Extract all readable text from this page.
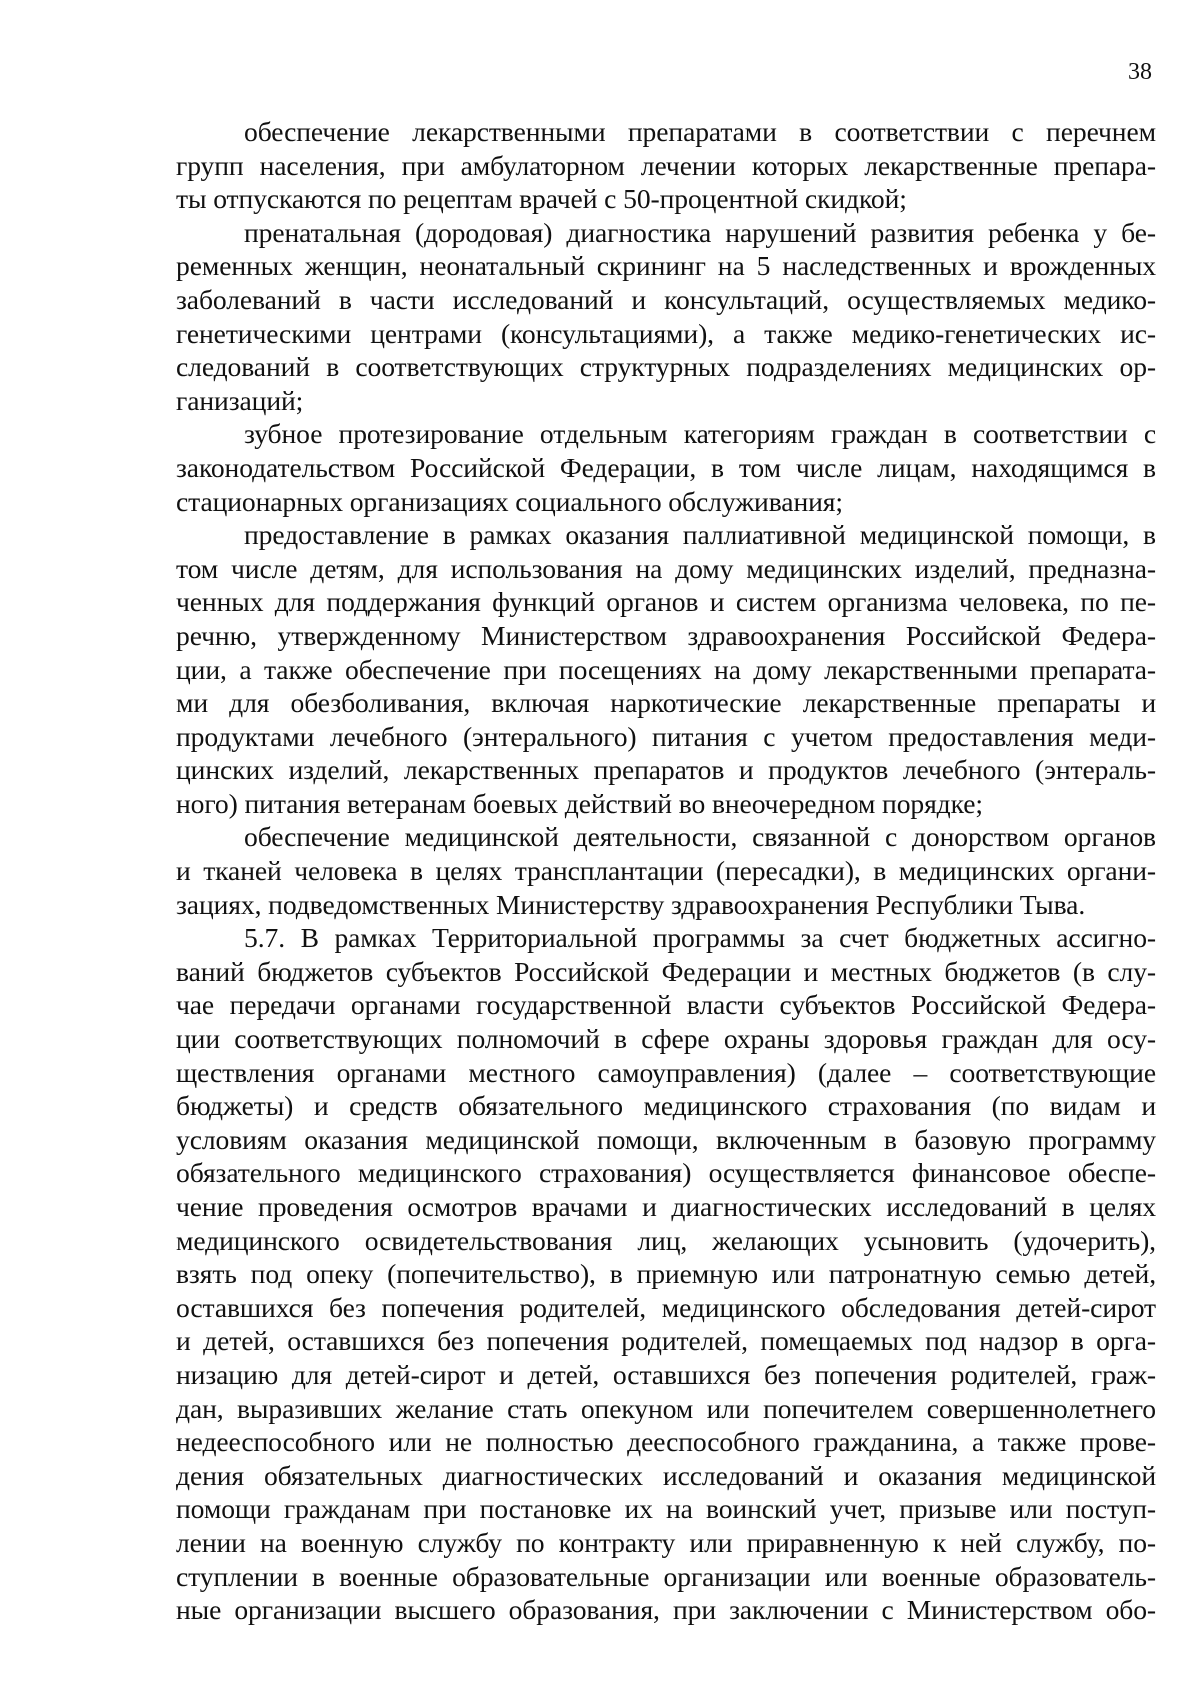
38
обеспечение лекарственными препаратами в соответствии с перечнем
групп населения, при амбулаторном лечении которых лекарственные препара-
ты отпускаются по рецептам врачей с 50-процентной скидкой;
пренатальная (дородовая) диагностика нарушений развития ребенка у бе-
ременных женщин, неонатальный скрининг на 5 наследственных и врожденных
заболеваний в части исследований и консультаций, осуществляемых медико-
генетическими центрами (консультациями), а также медико-генетических ис-
следований в соответствующих структурных подразделениях медицинских ор-
ганизаций;
зубное протезирование отдельным категориям граждан в соответствии с
законодательством Российской Федерации, в том числе лицам, находящимся в
стационарных организациях социального обслуживания;
предоставление в рамках оказания паллиативной медицинской помощи, в
том числе детям, для использования на дому медицинских изделий, предназна-
ченных для поддержания функций органов и систем организма человека, по пе-
речню, утвержденному Министерством здравоохранения Российской Федера-
ции, а также обеспечение при посещениях на дому лекарственными препарата-
ми для обезболивания, включая наркотические лекарственные препараты и
продуктами лечебного (энтерального) питания с учетом предоставления меди-
цинских изделий, лекарственных препаратов и продуктов лечебного (энтераль-
ного) питания ветеранам боевых действий во внеочередном порядке;
обеспечение медицинской деятельности, связанной с донорством органов
и тканей человека в целях трансплантации (пересадки), в медицинских органи-
зациях, подведомственных Министерству здравоохранения Республики Тыва.
5.7. В рамках Территориальной программы за счет бюджетных ассигно-
ваний бюджетов субъектов Российской Федерации и местных бюджетов (в слу-
чае передачи органами государственной власти субъектов Российской Федера-
ции соответствующих полномочий в сфере охраны здоровья граждан для осу-
ществления органами местного самоуправления) (далее – соответствующие
бюджеты) и средств обязательного медицинского страхования (по видам и
условиям оказания медицинской помощи, включенным в базовую программу
обязательного медицинского страхования) осуществляется финансовое обеспе-
чение проведения осмотров врачами и диагностических исследований в целях
медицинского освидетельствования лиц, желающих усыновить (удочерить),
взять под опеку (попечительство), в приемную или патронатную семью детей,
оставшихся без попечения родителей, медицинского обследования детей-сирот
и детей, оставшихся без попечения родителей, помещаемых под надзор в орга-
низацию для детей-сирот и детей, оставшихся без попечения родителей, граж-
дан, выразивших желание стать опекуном или попечителем совершеннолетнего
недееспособного или не полностью дееспособного гражданина, а также прове-
дения обязательных диагностических исследований и оказания медицинской
помощи гражданам при постановке их на воинский учет, призыве или поступ-
лении на военную службу по контракту или приравненную к ней службу, по-
ступлении в военные образовательные организации или военные образователь-
ные организации высшего образования, при заключении с Министерством обо-
